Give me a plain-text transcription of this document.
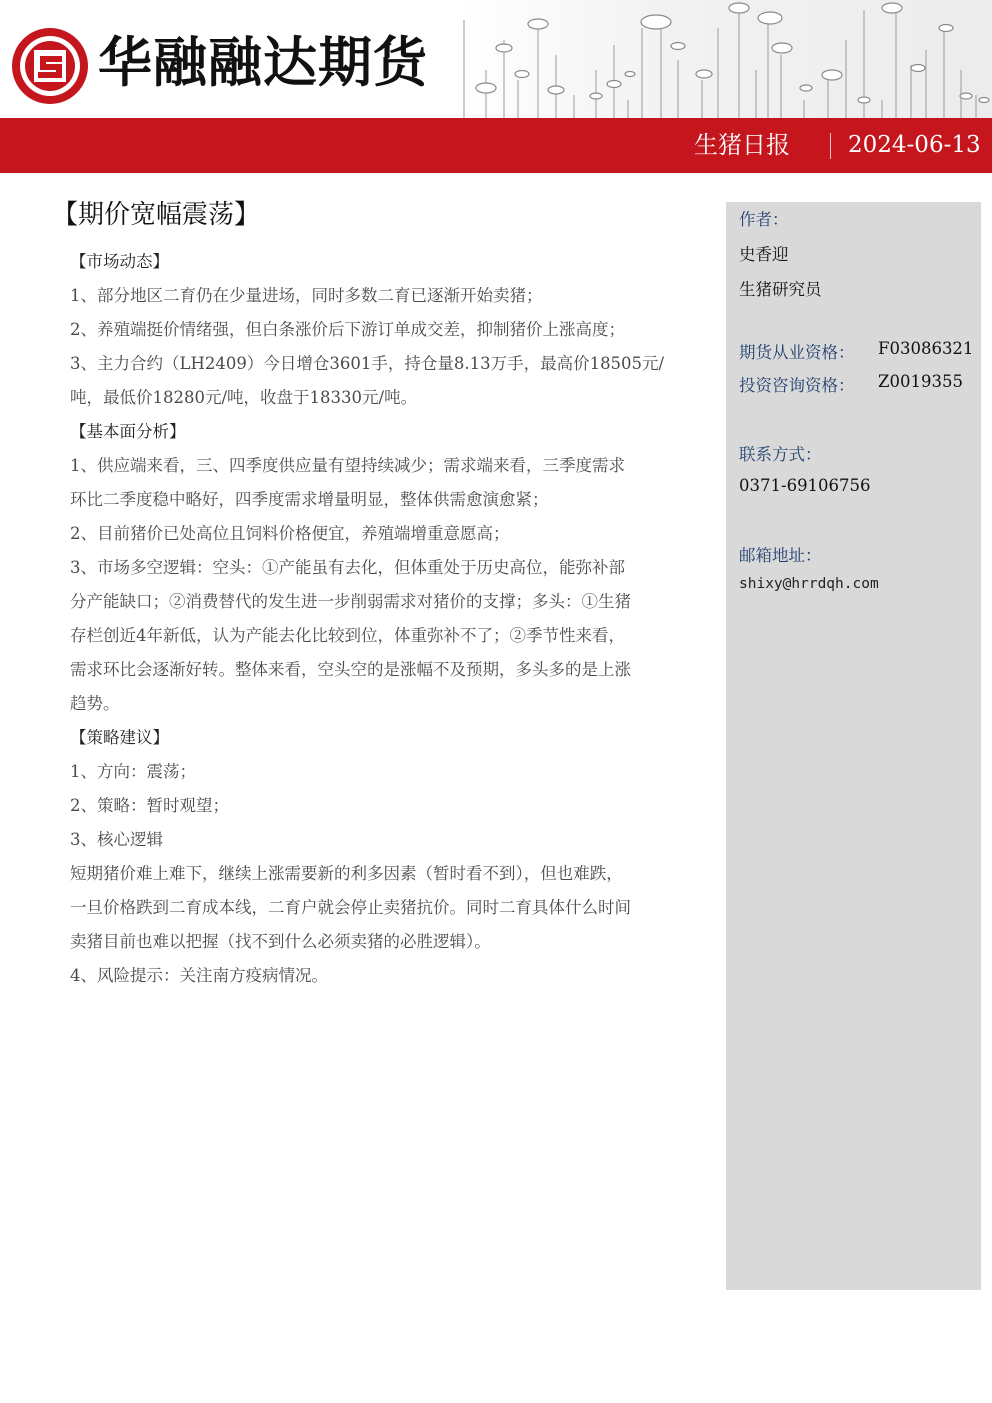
华融融达期货
生猪日报	2024-06-13
【期价宽幅震荡】
【市场动态】
1、部分地区二育仍在少量进场，同时多数二育已逐渐开始卖猪；
2、养殖端挺价情绪强，但白条涨价后下游订单成交差，抑制猪价上涨高度；
3、主力合约（LH2409）今日增仓3601手，持仓量8.13万手，最高价18505元/
吨，最低价18280元/吨，收盘于18330元/吨。
【基本面分析】
1、供应端来看，三、四季度供应量有望持续减少；需求端来看，三季度需求
环比二季度稳中略好，四季度需求增量明显，整体供需愈演愈紧；
2、目前猪价已处高位且饲料价格便宜，养殖端增重意愿高；
3、市场多空逻辑：空头：①产能虽有去化，但体重处于历史高位，能弥补部
分产能缺口；②消费替代的发生进一步削弱需求对猪价的支撑；多头：①生猪
存栏创近4年新低，认为产能去化比较到位，体重弥补不了；②季节性来看，
需求环比会逐渐好转。整体来看，空头空的是涨幅不及预期，多头多的是上涨
趋势。
【策略建议】
1、方向：震荡；
2、策略：暂时观望；
3、核心逻辑
短期猪价难上难下，继续上涨需要新的利多因素（暂时看不到），但也难跌，
一旦价格跌到二育成本线，二育户就会停止卖猪抗价。同时二育具体什么时间
卖猪目前也难以把握（找不到什么必须卖猪的必胜逻辑）。
4、风险提示：关注南方疫病情况。
作者：
史香迎
生猪研究员
期货从业资格： F03086321
投资咨询资格： Z0019355
联系方式：
0371-69106756
邮箱地址：
shixy@hrrdqh.com
